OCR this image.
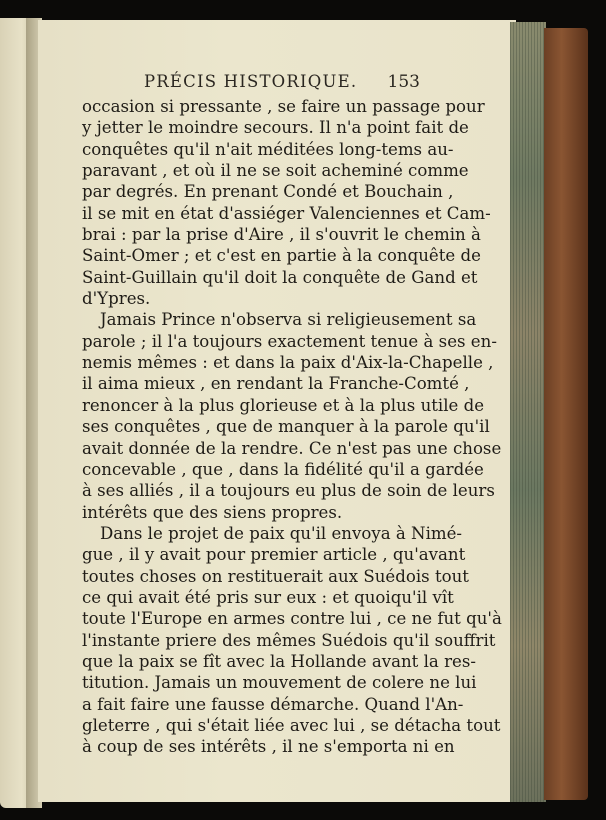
PRÉCIS HISTORIQUE. 153
occasion si pressante , se faire un passage pour
y jetter le moindre secours. Il n'a point fait de
conquêtes qu'il n'ait méditées long-tems au-
paravant , et où il ne se soit acheminé comme
par degrés. En prenant Condé et Bouchain ,
il se mit en état d'assiéger Valenciennes et Cam-
brai : par la prise d'Aire , il s'ouvrit le chemin à
Saint-Omer ; et c'est en partie à la conquête de
Saint-Guillain qu'il doit la conquête de Gand et
d'Ypres.
Jamais Prince n'observa si religieusement sa
parole ; il l'a toujours exactement tenue à ses en-
nemis mêmes : et dans la paix d'Aix-la-Chapelle ,
il aima mieux , en rendant la Franche-Comté ,
renoncer à la plus glorieuse et à la plus utile de
ses conquêtes , que de manquer à la parole qu'il
avait donnée de la rendre. Ce n'est pas une chose
concevable , que , dans la fidélité qu'il a gardée
à ses alliés , il a toujours eu plus de soin de leurs
intérêts que des siens propres.
Dans le projet de paix qu'il envoya à Nimé-
gue , il y avait pour premier article , qu'avant
toutes choses on restituerait aux Suédois tout
ce qui avait été pris sur eux : et quoiqu'il vît
toute l'Europe en armes contre lui , ce ne fut qu'à
l'instante priere des mêmes Suédois qu'il souffrit
que la paix se fît avec la Hollande avant la res-
titution. Jamais un mouvement de colere ne lui
a fait faire une fausse démarche. Quand l'An-
gleterre , qui s'était liée avec lui , se détacha tout
à coup de ses intérêts , il ne s'emporta ni en
